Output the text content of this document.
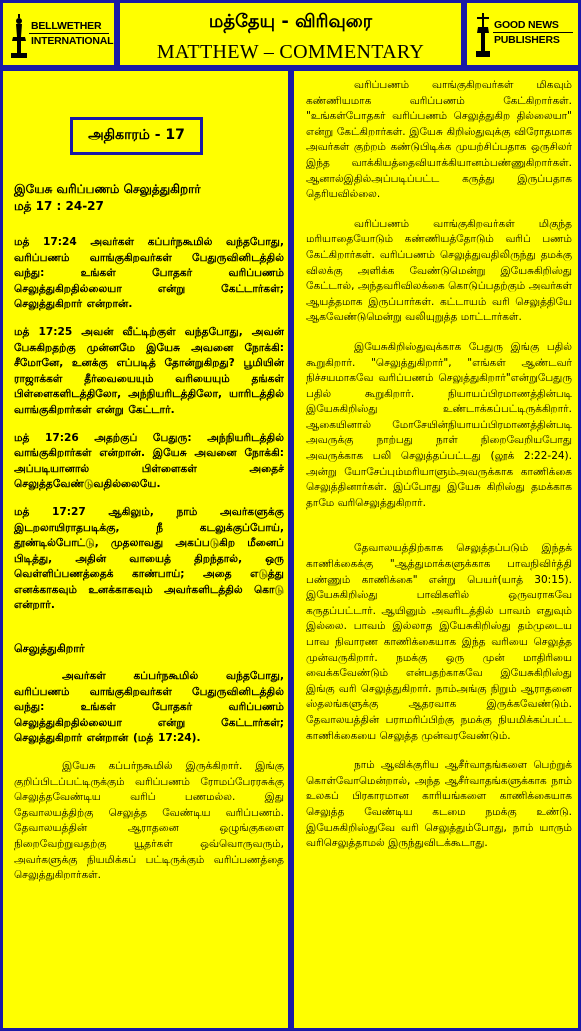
BELLWETHER
INTERNATIONAL
மத்தேயு - விரிவுரை
MATTHEW – COMMENTARY
GOOD NEWS
PUBLISHERS
அதிகாரம் - 17
இயேசு வரிப்பணம் செலுத்துகிறார்
மத் 17 : 24-27

மத் 17:24 அவர்கள் கப்பர்நகூமில் வந்தபோது, வரிப்பணம் வாங்குகிறவர்கள் பேதுருவினிடத்தில் வந்து: உங்கள் போதகர் வரிப்பணம் செலுத்துகிறதில்லையா என்று கேட்டார்கள்; செலுத்துகிறார் என்றான்.

மத் 17:25 அவன் வீட்டிற்குள் வந்தபோது, அவன் பேசுகிறதற்கு முன்னமே இயேசு அவனை நோக்கி: சீமோனே, உனக்கு எப்படித் தோன்றுகிறது? பூமியின் ராஜாக்கள் தீர்வையையும் வரியையும் தங்கள் பிள்ளைகளிடத்திலோ, அந்நியரிடத்திலோ, யாரிடத்தில் வாங்குகிறார்கள் என்று கேட்டார்.

மத் 17:26 அதற்குப் பேதுரு: அந்நியரிடத்தில் வாங்குகிறார்கள் என்றான். இயேசு அவனை நோக்கி: அப்படியானால் பிள்ளைகள் அதைச் செலுத்தவேண்டுவதில்லையே.

மத் 17:27 ஆகிலும், நாம் அவர்களுக்கு இடறலாயிராதபடிக்கு, நீ கடலுக்குப்போய், தூண்டில்போட்டு, முதலாவது அகப்படுகிற மீனைப் பிடித்து, அதின் வாயைத் திறந்தால், ஒரு வெள்ளிப்பணத்தைக் காண்பாய்; அதை எடுத்து எனக்காகவும் உனக்காகவும் அவர்களிடத்தில் கொடு என்றார்.

செலுத்துகிறார்

அவர்கள் கப்பர்நகூமில் வந்தபோது, வரிப்பணம் வாங்குகிறவர்கள் பேதுருவினிடத்தில் வந்து: உங்கள் போதகர் வரிப்பணம் செலுத்துகிறதில்லையா என்று கேட்டார்கள்; செலுத்துகிறார் என்றான் (மத் 17:24).

இயேசு கப்பர்நகூமில் இருக்கிறார். இங்கு குறிப்பிடப்பட்டிருக்கும் வரிப்பணம் ரோமப்பேரரசுக்கு செலுத்தவேண்டிய வரிப் பணமல்ல. இது தேவாலயத்திற்கு செலுத்த வேண்டிய வரிப்பணம். தேவாலயத்தின் ஆராதனை ஒழுங்குகளை நிறைவேற்றுவதற்கு யூதர்கள் ஒவ்வொருவரும், அவர்களுக்கு நியமிக்கப் பட்டிருக்கும் வரிப்பணத்தை செலுத்துகிறார்கள்.

வரிப்பணம் வாங்குகிறவர்கள் மிகவும் கண்ணியமாக வரிப்பணம் கேட்கிறார்கள். "உங்கள்போதகர் வரிப்பணம் செலுத்துகிற தில்லையா" என்று கேட்கிறார்கள். இயேசு கிறிஸ்துவுக்கு விரோதமாக அவர்கள் குற்றம் கண்டுபிடிக்க முயற்சிப்பதாக ஒருசிலர் இந்த வாக்கியத்தைவியாக்கியானம்பண்ணுகிறார்கள். ஆனால்இதில்அப்படிப்பட்ட கருத்து இருப்பதாக தெரியவில்லை.

வரிப்பணம் வாங்குகிறவர்கள் மிகுந்த மரியாதையோடும் கண்ணியத்தோடும் வரிப் பணம் கேட்கிறார்கள். வரிப்பணம் செலுத்துவதிலிருந்து தமக்கு விலக்கு அளிக்க வேண்டுமென்று இயேசுகிறிஸ்து கேட்டால், அந்தவரிவிலக்கை கொடுப்பதற்கும் அவர்கள் ஆயத்தமாக இருப்பார்கள். கட்டாயம் வரி செலுத்தியே ஆகவேண்டுமென்று வலியுறுத்த மாட்டார்கள்.

இயேசுகிறிஸ்துவுக்காக பேதுரு இங்கு பதில் கூறுகிறார். "செலுத்துகிறார்", "எங்கள் ஆண்டவர் நிச்சயமாகவே வரிப்பணம் செலுத்துகிறார்"என்றுபேதுரு பதில் கூறுகிறார். நியாயப்பிரமாணத்தின்படி இயேசுகிறிஸ்து உண்டாக்கப்பட்டிருக்கிறார். ஆகையினால் மோசேயின்நியாயப்பிரமாணத்தின்படி அவருக்கு நாற்பது நாள் நிறைவேறியபோது அவருக்காக பலி செலுத்தப்பட்டது (லூக் 2:22-24). அன்று யோசேப்பும்மரியாளும்அவருக்காக காணிக்கை செலுத்தினார்கள். இப்போது இயேசு கிறிஸ்து தமக்காக தாமே வரிசெலுத்துகிறார்.

தேவாலயத்திற்காக செலுத்தப்படும் இந்தக் காணிக்கைக்கு "ஆத்துமாக்களுக்காக பாவநிவிர்த்தி பண்ணும் காணிக்கை" என்று பெயர்(யாத் 30:15). இயேசுகிறிஸ்து பாவிகளில் ஒருவராகவே கருதப்பட்டார். ஆயினும் அவரிடத்தில் பாவம் எதுவும் இல்லை. பாவம் இல்லாத இயேசுகிறிஸ்து தம்முடைய பாவ நிவாரண காணிக்கையாக இந்த வரியை செலுத்த முன்வருகிறார். நமக்கு ஒரு முன் மாதிரியை வைக்கவேண்டும் என்பதற்காகவே இயேசுகிறிஸ்து இங்கு வரி செலுத்துகிறார். நாம்அங்கு நிறும் ஆராதனை ஸ்தலங்களுக்கு ஆதரவாக இருக்கவேண்டும். தேவாலயத்தின் பராமரிப்பிற்கு நமக்கு நியமிக்கப்பட்ட காணிக்கையை செலுத்த முன்வரவேண்டும்.

நாம் ஆவிக்குரிய ஆசீர்வாதங்களை பெற்றுக் கொள்வோமென்றால், அந்த ஆசீர்வாதங்களுக்காக நாம் உலகப் பிரகாரமான காரியங்களை காணிக்கையாக செலுத்த வேண்டிய கடமை நமக்கு உண்டு. இயேசுகிறிஸ்துவே வரி செலுத்தும்போது, நாம் யாரும் வரிசெலுத்தாமல் இருந்துவிடக்கூடாது.
